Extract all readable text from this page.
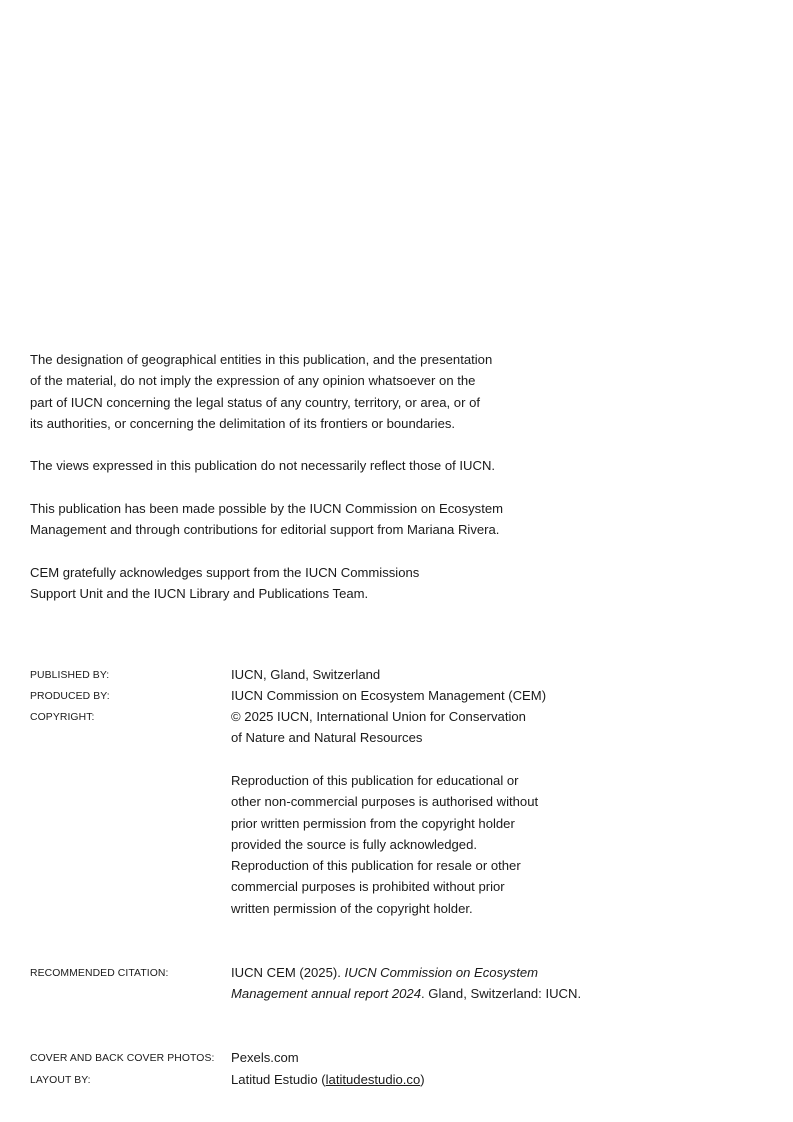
The designation of geographical entities in this publication, and the presentation
of the material, do not imply the expression of any opinion whatsoever on the
part of IUCN concerning the legal status of any country, territory, or area, or of
its authorities, or concerning the delimitation of its frontiers or boundaries.

The views expressed in this publication do not necessarily reflect those of IUCN.

This publication has been made possible by the IUCN Commission on Ecosystem
Management and through contributions for editorial support from Mariana Rivera.

CEM gratefully acknowledges support from the IUCN Commissions
Support Unit and the IUCN Library and Publications Team.

PUBLISHED BY:	IUCN, Gland, Switzerland
PRODUCED BY:	IUCN Commission on Ecosystem Management (CEM)
COPYRIGHT:	© 2025 IUCN, International Union for Conservation
of Nature and Natural Resources
Reproduction of this publication for educational or
other non-commercial purposes is authorised without
prior written permission from the copyright holder
provided the source is fully acknowledged.
Reproduction of this publication for resale or other
commercial purposes is prohibited without prior
written permission of the copyright holder.
RECOMMENDED CITATION:	IUCN CEM (2025). IUCN Commission on Ecosystem
Management annual report 2024. Gland, Switzerland: IUCN.
COVER AND BACK COVER PHOTOS: Pexels.com
LAYOUT BY:	Latitud Estudio (latitudestudio.co)
